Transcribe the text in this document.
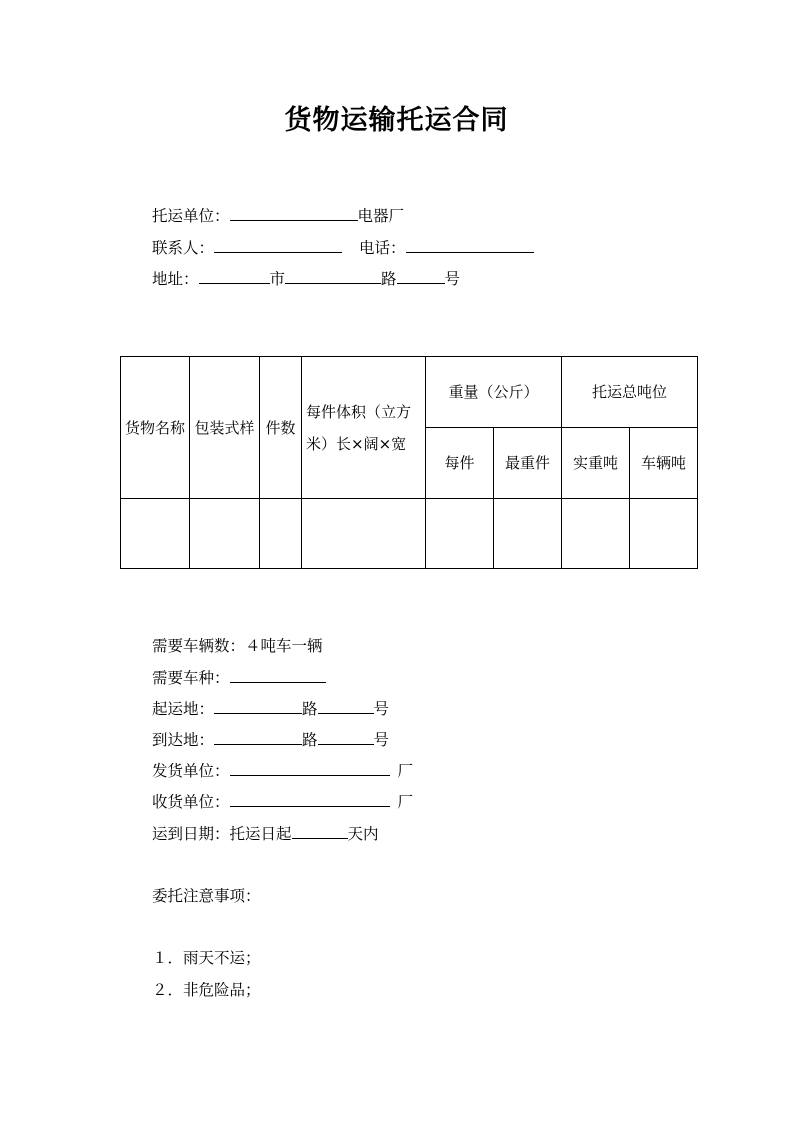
货物运输托运合同
托运单位：	电器厂
联系人：	电话：
地址：	市	路	号
货物名称	包装式样	件数	每件体积（立方米）长×阔×宽	重量（公斤）		托运总吨位	
				每件	最重件	实重吨	车辆吨

需要车辆数：４吨车一辆
需要车种：
起运地：	路	号
到达地：	路	号
发货单位：	厂
收货单位：	厂
运到日期：托运日起	天内
委托注意事项：
１．雨天不运；
２．非危险品；
